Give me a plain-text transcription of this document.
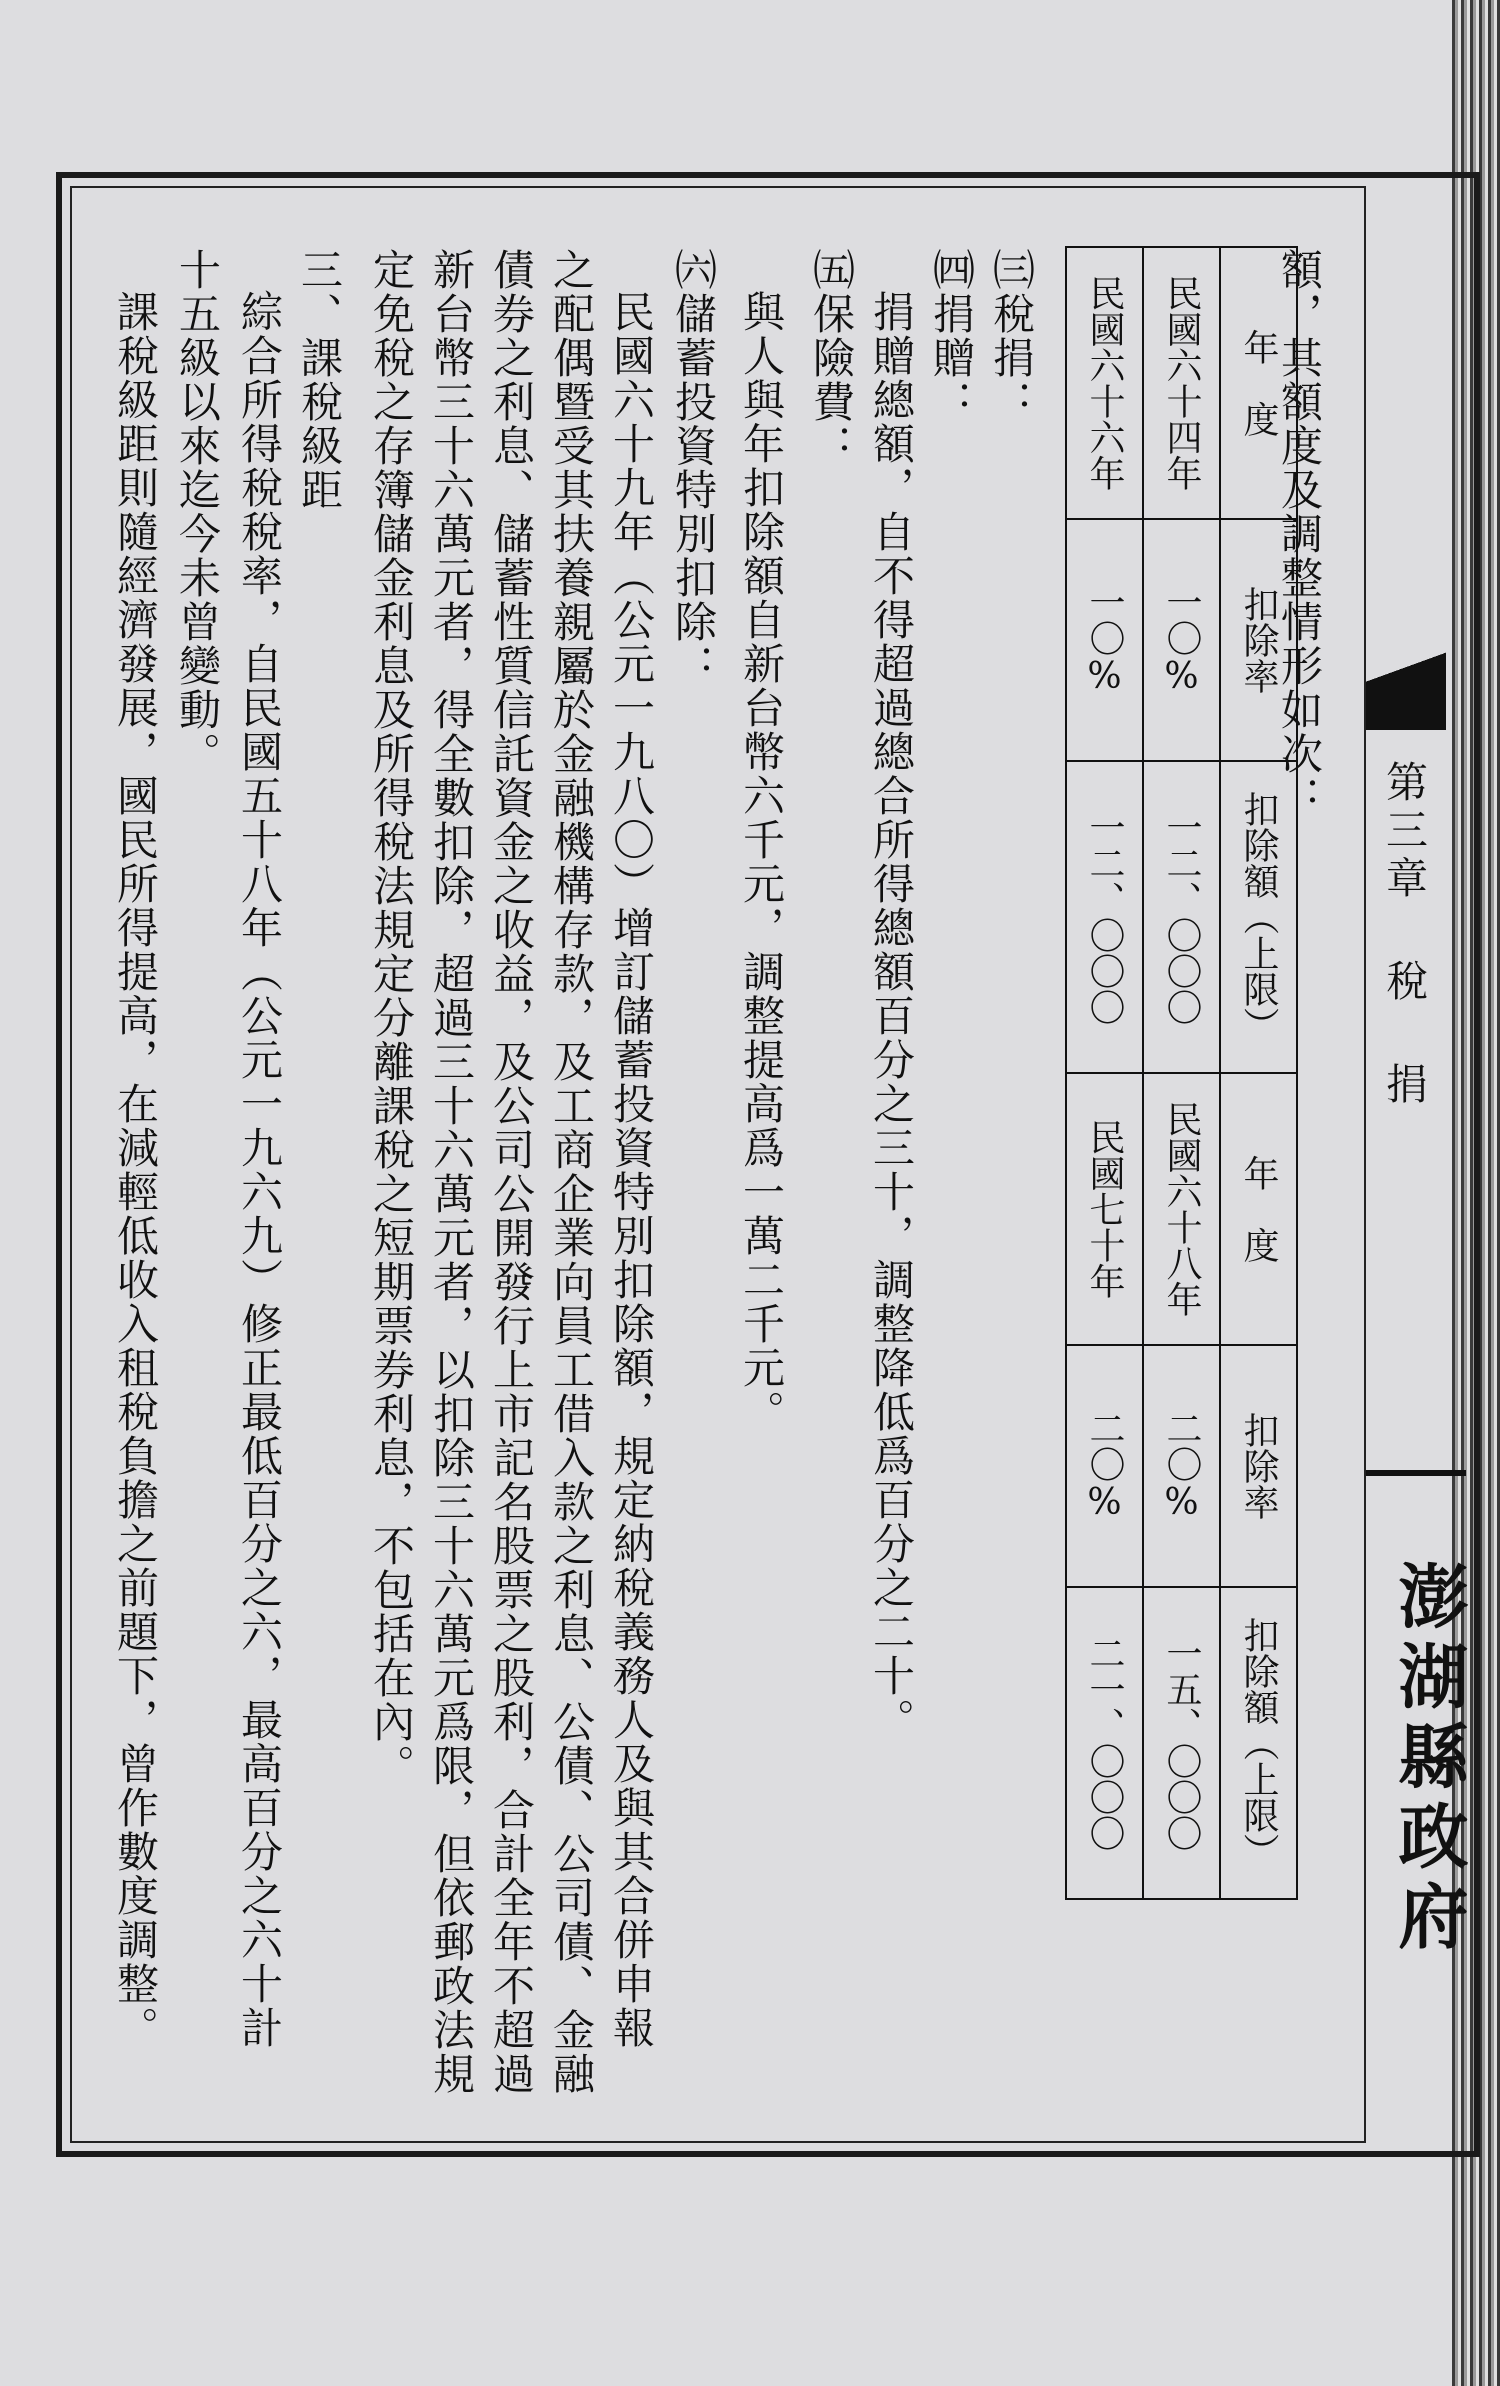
第三章 稅 捐
澎湖縣政府
年　度	扣除率	扣除額（上限）	年　度	扣除率	扣除額（上限）
民國六十四年	一〇%	一二、〇〇〇	民國六十八年	二〇%	一五、〇〇〇
民國六十六年	一〇%	一二、〇〇〇	民國七十年	二〇%	二一、〇〇〇
額，其額度及調整情形如次：
㈢稅捐：
㈣捐贈：
捐贈總額，自不得超過總合所得總額百分之三十，調整降低爲百分之二十。
㈤保險費：
與人與年扣除額自新台幣六千元，調整提高爲一萬二千元。
㈥儲蓄投資特別扣除：
民國六十九年（公元一九八〇）增訂儲蓄投資特別扣除額，規定納稅義務人及與其合併申報
之配偶暨受其扶養親屬於金融機構存款，及工商企業向員工借入款之利息、公債、公司債、金融
債券之利息、儲蓄性質信託資金之收益，及公司公開發行上市記名股票之股利，合計全年不超過
新台幣三十六萬元者，得全數扣除，超過三十六萬元者，以扣除三十六萬元爲限，但依郵政法規
定免稅之存簿儲金利息及所得稅法規定分離課稅之短期票券利息，不包括在內。
三、課稅級距
綜合所得稅稅率，自民國五十八年（公元一九六九）修正最低百分之六，最高百分之六十計
十五級以來迄今未曾變動。
課稅級距則隨經濟發展，國民所得提高，在減輕低收入租稅負擔之前題下，曾作數度調整。
